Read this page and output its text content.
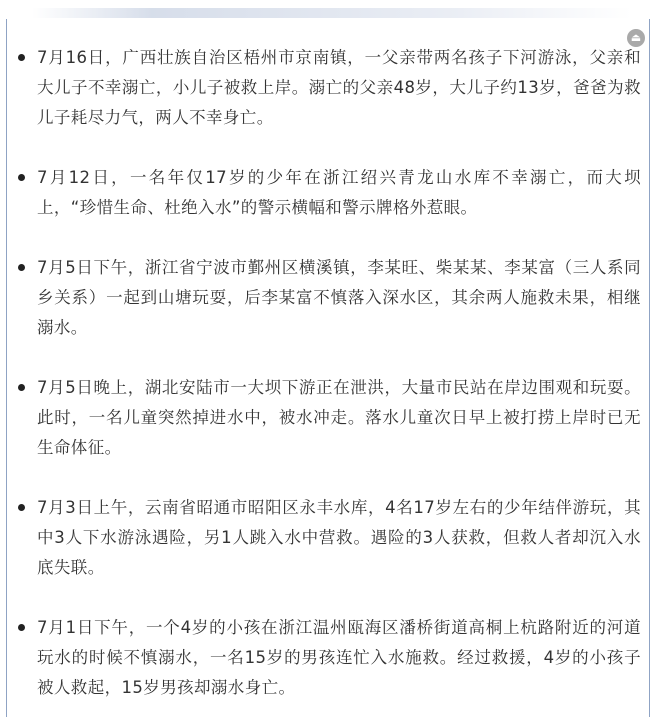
⏏
7月16日，广西壮族自治区梧州市京南镇，一父亲带两名孩子下河游泳，父亲和大儿子不幸溺亡，小儿子被救上岸。溺亡的父亲48岁，大儿子约13岁，爸爸为救儿子耗尽力气，两人不幸身亡。
7月12日，一名年仅17岁的少年在浙江绍兴青龙山水库不幸溺亡，而大坝上，“珍惜生命、杜绝入水”的警示横幅和警示牌格外惹眼。
7月5日下午，浙江省宁波市鄞州区横溪镇，李某旺、柴某某、李某富（三人系同乡关系）一起到山塘玩耍，后李某富不慎落入深水区，其余两人施救未果，相继溺水。
7月5日晚上，湖北安陆市一大坝下游正在泄洪，大量市民站在岸边围观和玩耍。此时，一名儿童突然掉进水中，被水冲走。落水儿童次日早上被打捞上岸时已无生命体征。
7月3日上午，云南省昭通市昭阳区永丰水库，4名17岁左右的少年结伴游玩，其中3人下水游泳遇险，另1人跳入水中营救。遇险的3人获救，但救人者却沉入水底失联。
7月1日下午，一个4岁的小孩在浙江温州瓯海区潘桥街道高桐上杭路附近的河道玩水的时候不慎溺水，一名15岁的男孩连忙入水施救。经过救援，4岁的小孩子被人救起，15岁男孩却溺水身亡。
